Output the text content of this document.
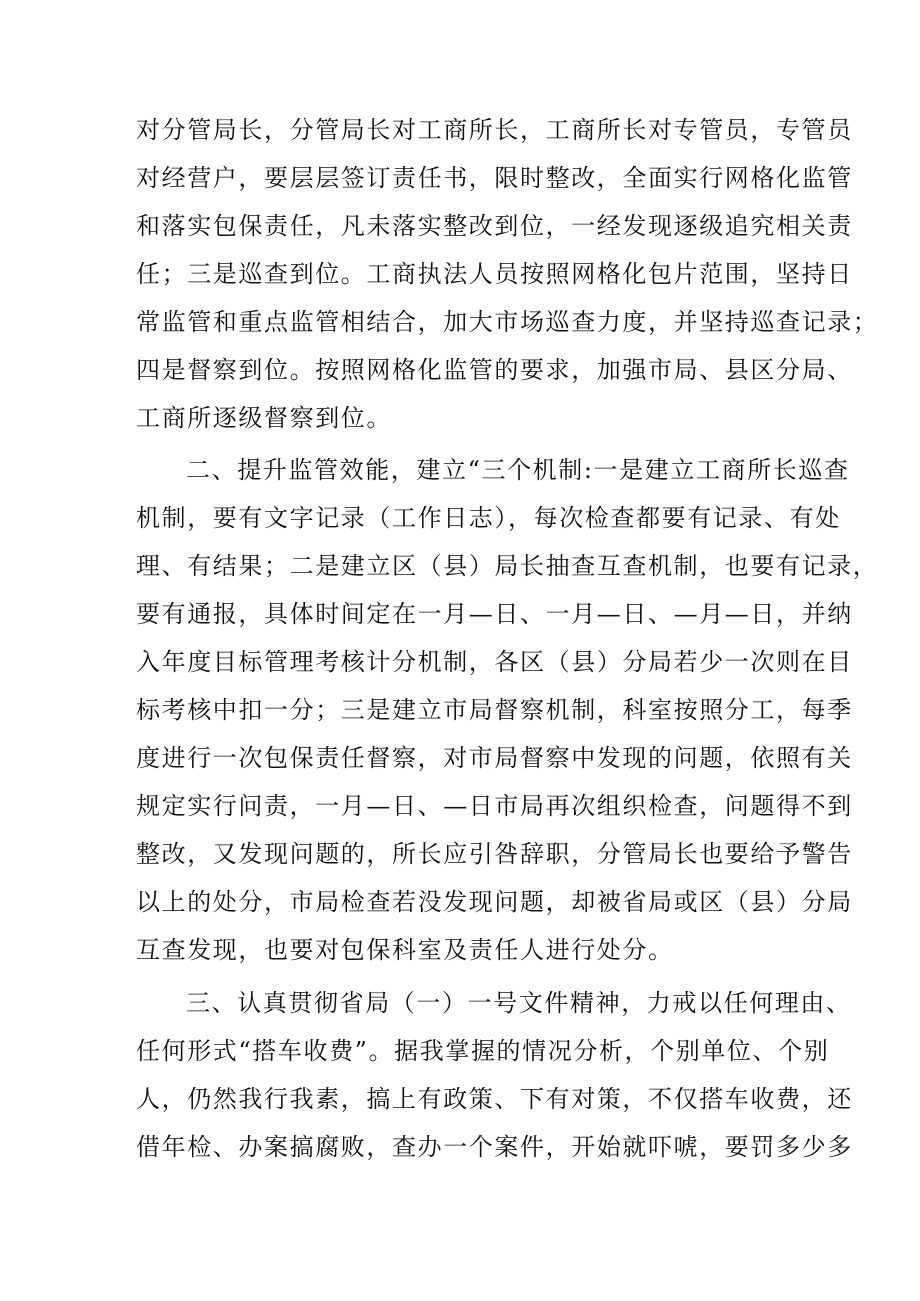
对分管局长，分管局长对工商所长，工商所长对专管员，专管员
对经营户，要层层签订责任书，限时整改，全面实行网格化监管
和落实包保责任，凡未落实整改到位，一经发现逐级追究相关责
任；三是巡查到位。工商执法人员按照网格化包片范围，坚持日
常监管和重点监管相结合，加大市场巡查力度，并坚持巡查记录；
四是督察到位。按照网格化监管的要求，加强市局、县区分局、
工商所逐级督察到位。
二、提升监管效能，建立“三个机制:一是建立工商所长巡查
机制，要有文字记录（工作日志），每次检查都要有记录、有处
理、有结果；二是建立区（县）局长抽查互查机制，也要有记录，
要有通报，具体时间定在一月—日、一月—日、—月—日，并纳
入年度目标管理考核计分机制，各区（县）分局若少一次则在目
标考核中扣一分；三是建立市局督察机制，科室按照分工，每季
度进行一次包保责任督察，对市局督察中发现的问题，依照有关
规定实行问责，一月—日、—日市局再次组织检查，问题得不到
整改，又发现问题的，所长应引咎辞职，分管局长也要给予警告
以上的处分，市局检查若没发现问题，却被省局或区（县）分局
互查发现，也要对包保科室及责任人进行处分。
三、认真贯彻省局（一）一号文件精神，力戒以任何理由、
任何形式“搭车收费”。据我掌握的情况分析，个别单位、个别
人，仍然我行我素，搞上有政策、下有对策，不仅搭车收费，还
借年检、办案搞腐败，查办一个案件，开始就吓唬，要罚多少多
